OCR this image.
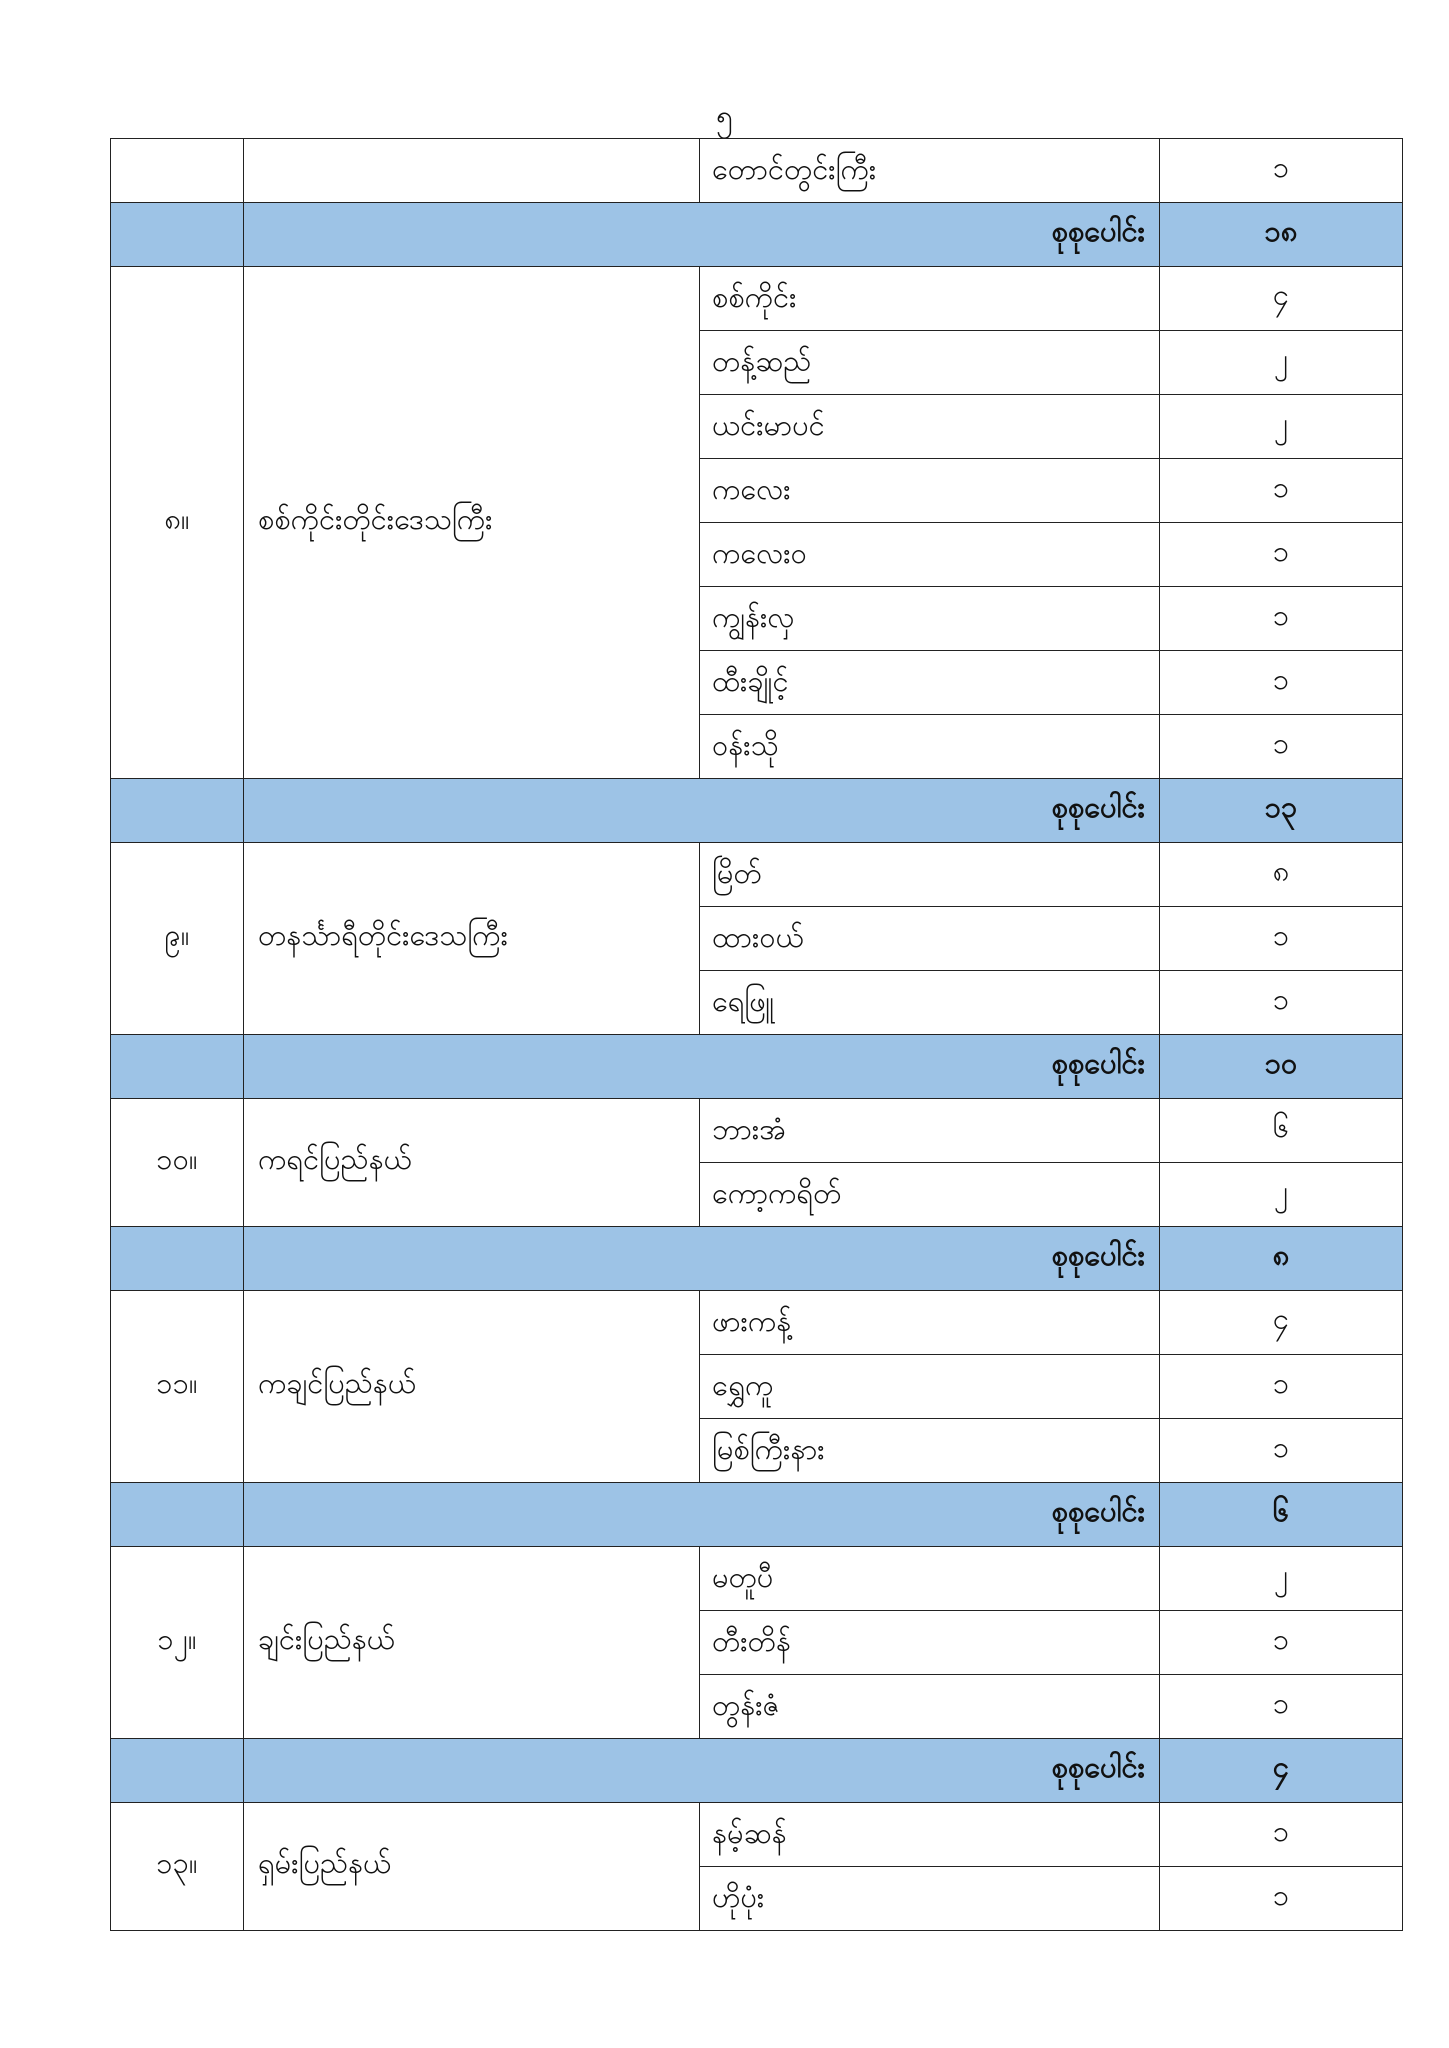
၅
		တောင်တွင်းကြီး	၁
	စုစုပေါင်း		၁၈
၈။	စစ်ကိုင်းတိုင်းဒေသကြီး	စစ်ကိုင်း	၄
		တန့်ဆည်	၂
		ယင်းမာပင်	၂
		ကလေး	၁
		ကလေးဝ	၁
		ကျွန်းလှ	၁
		ထီးချိုင့်	၁
		ဝန်းသို	၁
	စုစုပေါင်း		၁၃
၉။	တနင်္သာရီတိုင်းဒေသကြီး	မြိတ်	၈
		ထားဝယ်	၁
		ရေဖြူ	၁
	စုစုပေါင်း		၁၀
၁၀။	ကရင်ပြည်နယ်	ဘားအံ	၆
		ကော့ကရိတ်	၂
	စုစုပေါင်း		၈
၁၁။	ကချင်ပြည်နယ်	ဖားကန့်	၄
		ရွှေကူ	၁
		မြစ်ကြီးနား	၁
	စုစုပေါင်း		၆
၁၂။	ချင်းပြည်နယ်	မတူပီ	၂
		တီးတိန်	၁
		တွန်းဇံ	၁
	စုစုပေါင်း		၄
၁၃။	ရှမ်းပြည်နယ်	နမ့်ဆန်	၁
		ဟိုပုံး	၁
